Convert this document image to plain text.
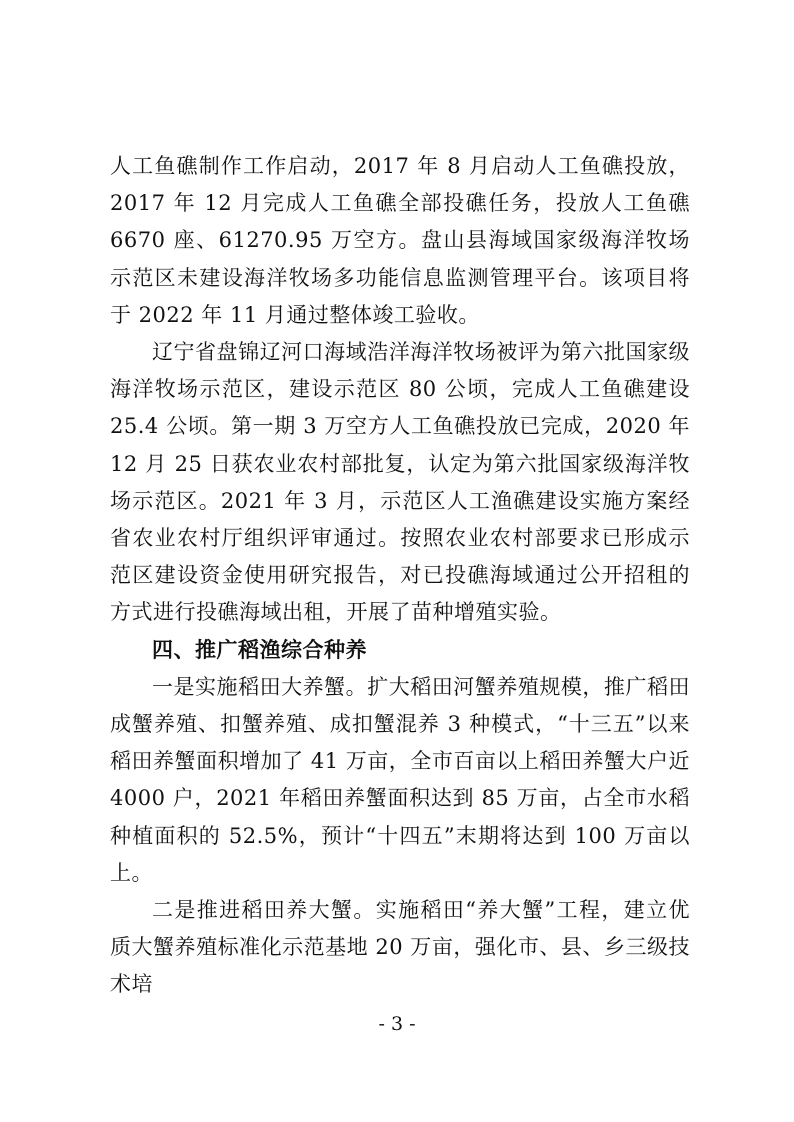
人工鱼礁制作工作启动，2017 年 8 月启动人工鱼礁投放，2017 年 12 月完成人工鱼礁全部投礁任务，投放人工鱼礁 6670 座、61270.95 万空方。盘山县海域国家级海洋牧场示范区未建设海洋牧场多功能信息监测管理平台。该项目将于 2022 年 11 月通过整体竣工验收。

辽宁省盘锦辽河口海域浩洋海洋牧场被评为第六批国家级海洋牧场示范区，建设示范区 80 公顷，完成人工鱼礁建设 25.4 公顷。第一期 3 万空方人工鱼礁投放已完成，2020 年 12 月 25 日获农业农村部批复，认定为第六批国家级海洋牧场示范区。2021 年 3 月，示范区人工渔礁建设实施方案经省农业农村厅组织评审通过。按照农业农村部要求已形成示范区建设资金使用研究报告，对已投礁海域通过公开招租的方式进行投礁海域出租，开展了苗种增殖实验。

四、推广稻渔综合种养

一是实施稻田大养蟹。扩大稻田河蟹养殖规模，推广稻田成蟹养殖、扣蟹养殖、成扣蟹混养 3 种模式，“十三五”以来稻田养蟹面积增加了 41 万亩，全市百亩以上稻田养蟹大户近 4000 户，2021 年稻田养蟹面积达到 85 万亩，占全市水稻种植面积的 52.5%，预计“十四五”末期将达到 100 万亩以上。

二是推进稻田养大蟹。实施稻田“养大蟹”工程，建立优质大蟹养殖标准化示范基地 20 万亩，强化市、县、乡三级技术培

- 3 -
